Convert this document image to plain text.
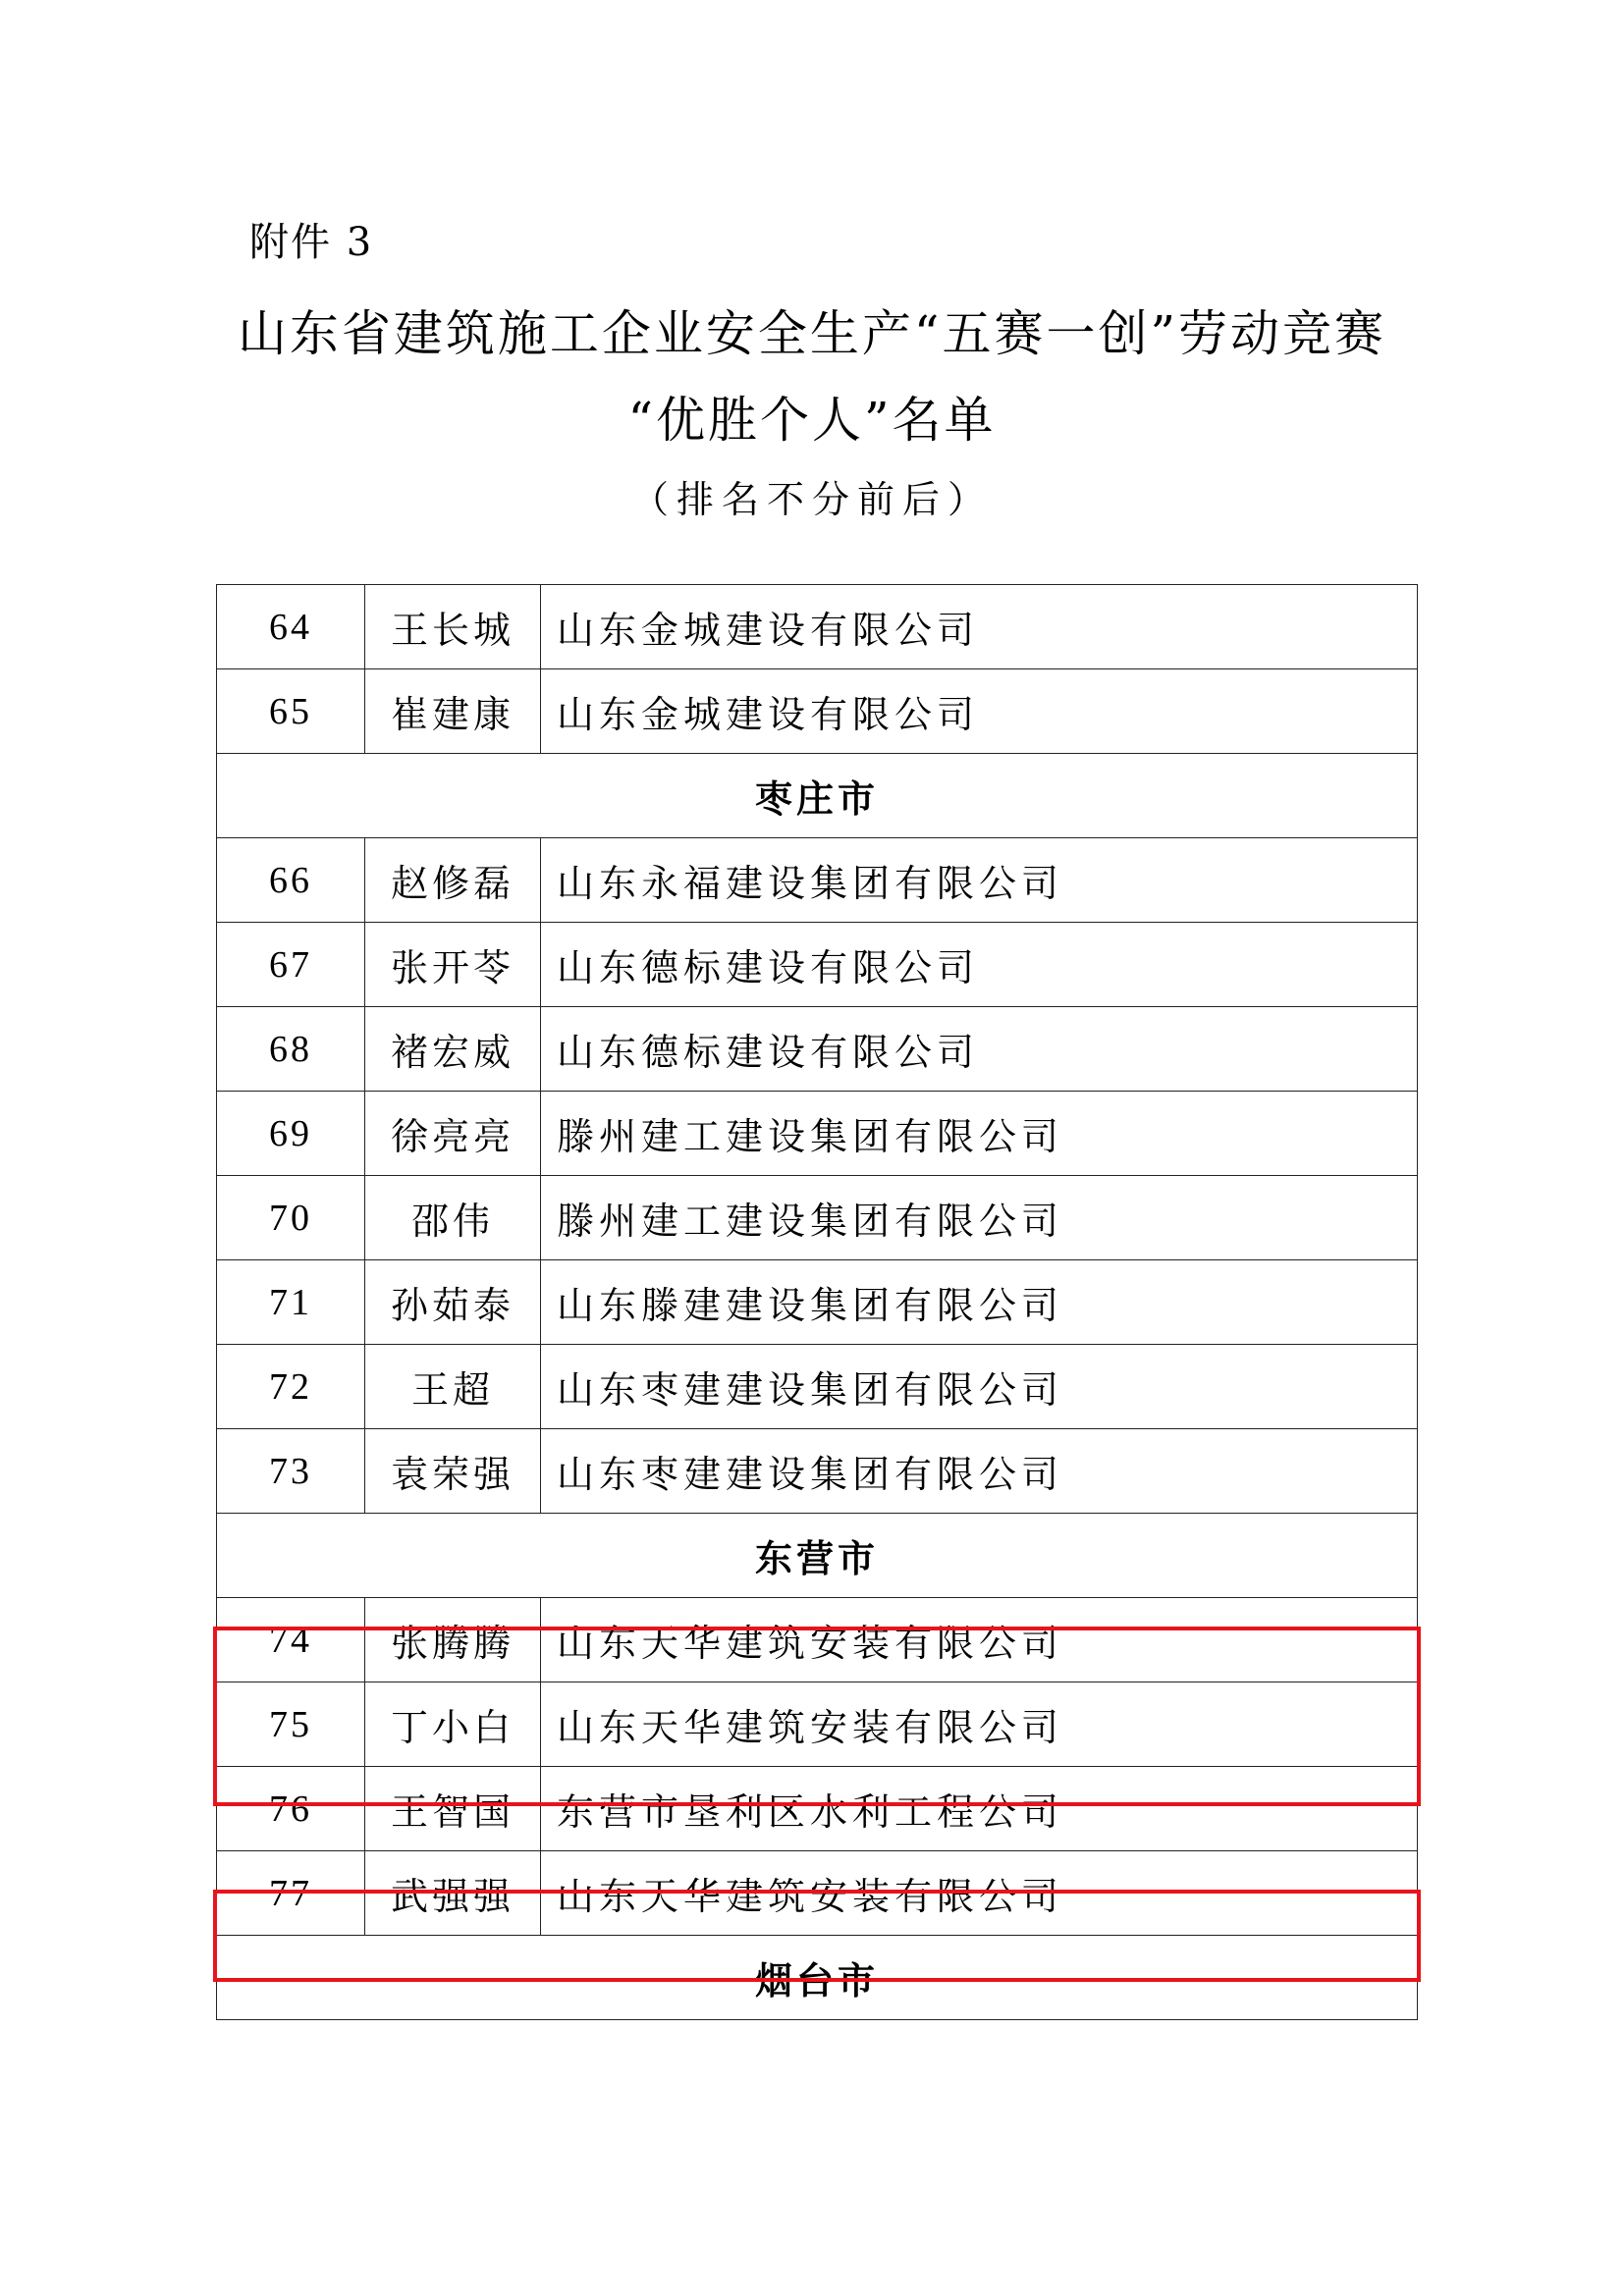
附件 3
山东省建筑施工企业安全生产“五赛一创”劳动竞赛
“优胜个人”名单
（排名不分前后）
64	王长城	山东金城建设有限公司
65	崔建康	山东金城建设有限公司
枣庄市		
66	赵修磊	山东永福建设集团有限公司
67	张开苓	山东德标建设有限公司
68	褚宏威	山东德标建设有限公司
69	徐亮亮	滕州建工建设集团有限公司
70	邵伟	滕州建工建设集团有限公司
71	孙茹泰	山东滕建建设集团有限公司
72	王超	山东枣建建设集团有限公司
73	袁荣强	山东枣建建设集团有限公司
东营市		
74	张腾腾	山东天华建筑安装有限公司
75	丁小白	山东天华建筑安装有限公司
76	王智国	东营市垦利区水利工程公司
77	武强强	山东天华建筑安装有限公司
烟台市		
